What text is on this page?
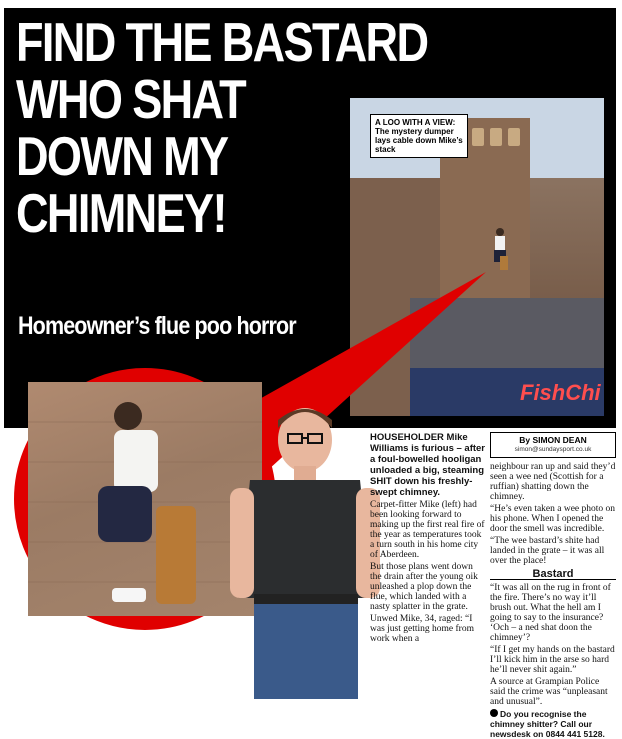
FIND THE BASTARD
WHO SHAT
DOWN MY
CHIMNEY!
Homeowner’s flue poo horror
FishChi
A LOO WITH A VIEW: The mystery dumper lays cable down Mike’s stack

HOUSEHOLDER Mike Williams is furious – after a foul-bowelled hooligan unloaded a big, steaming SHIT down his freshly-swept chimney.

Carpet-fitter Mike (left) had been looking forward to making up the first real fire of the year as temperatures took a turn south in his home city of Aberdeen.

But those plans went down the drain after the young oik unleashed a plop down the flue, which landed with a nasty splatter in the grate.

Unwed Mike, 34, raged: “I was just getting home from work when a

By SIMON DEAN
simon@sundaysport.co.uk

neighbour ran up and said they’d seen a wee ned (Scottish for a ruffian) shatting down the chimney.

“He’s even taken a wee photo on his phone. When I opened the door the smell was incredible.

“The wee bastard’s shite had landed in the grate – it was all over the place!

Bastard

“It was all on the rug in front of the fire. There’s no way it’ll brush out. What the hell am I going to say to the insurance? ‘Och – a ned shat doon the chimney’?

“If I get my hands on the bastard I’ll kick him in the arse so hard he’ll never shit again.”

A source at Grampian Police said the crime was “unpleasant and unusual”.

Do you recognise the chimney shitter? Call our newsdesk on 0844 441 5128.
